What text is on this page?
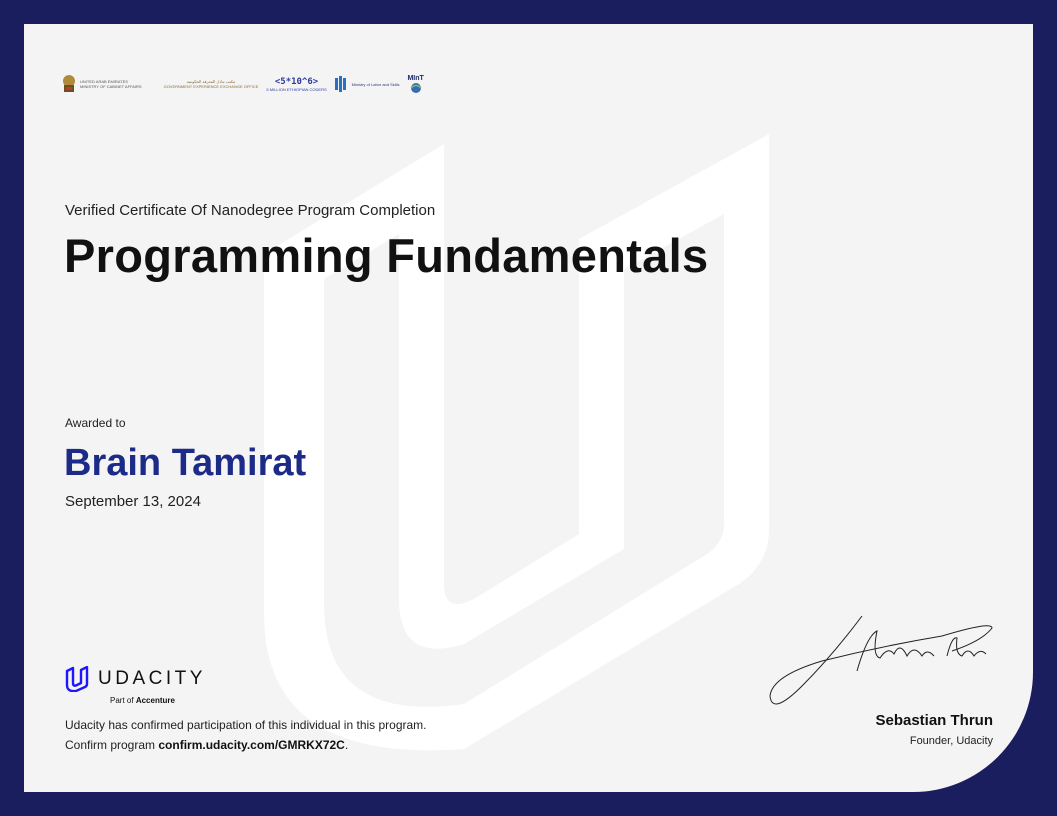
UNITED ARAB EMIRATES
MINISTRY OF CABINET AFFAIRS
مكتب تبادل المعرفة الحكومية
GOVERNMENT EXPERIENCE EXCHANGE OFFICE <5*10^6>
5 MILLION ETHIOPIAN CODERS
Ministry of Labor and Skills
MInT
Verified Certificate Of Nanodegree Program Completion
Programming Fundamentals
Awarded to
Brain Tamirat
September 13, 2024
UDACITY
Part of Accenture
Udacity has confirmed participation of this individual in this program. Confirm program confirm.udacity.com/GMRKX72C.
Sebastian Thrun
Founder, Udacity
